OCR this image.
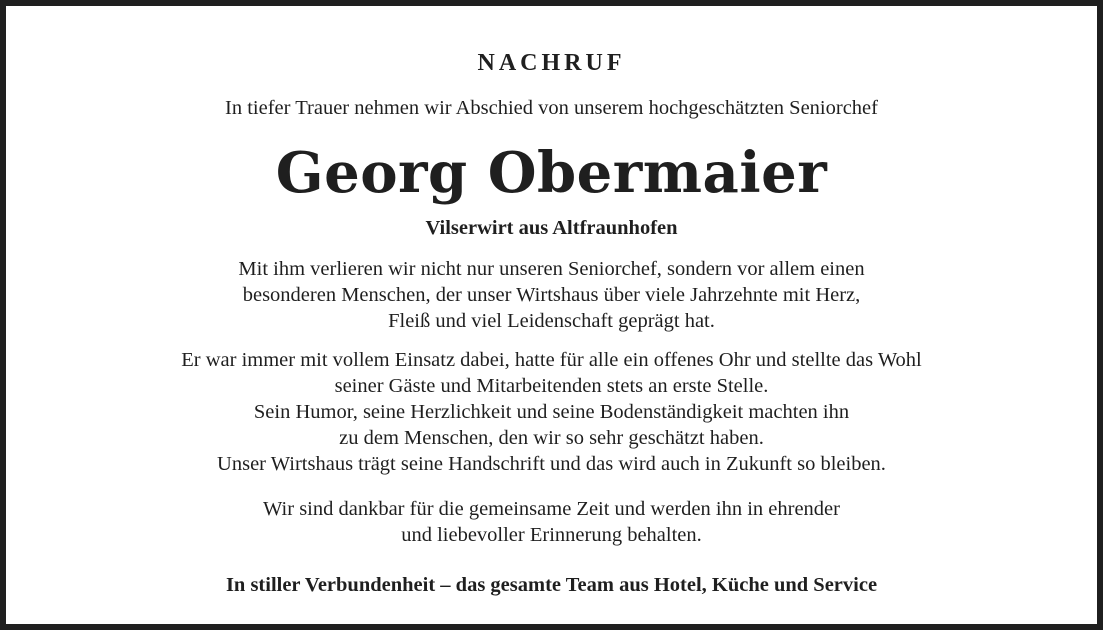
NACHRUF
In tiefer Trauer nehmen wir Abschied von unserem hochgeschätzten Seniorchef
Georg Obermaier
Vilserwirt aus Altfraunhofen
Mit ihm verlieren wir nicht nur unseren Seniorchef, sondern vor allem einen
besonderen Menschen, der unser Wirtshaus über viele Jahrzehnte mit Herz,
Fleiß und viel Leidenschaft geprägt hat.
Er war immer mit vollem Einsatz dabei, hatte für alle ein offenes Ohr und stellte das Wohl
seiner Gäste und Mitarbeitenden stets an erste Stelle.
Sein Humor, seine Herzlichkeit und seine Bodenständigkeit machten ihn
zu dem Menschen, den wir so sehr geschätzt haben.
Unser Wirtshaus trägt seine Handschrift und das wird auch in Zukunft so bleiben.
Wir sind dankbar für die gemeinsame Zeit und werden ihn in ehrender
und liebevoller Erinnerung behalten.
In stiller Verbundenheit – das gesamte Team aus Hotel, Küche und Service
